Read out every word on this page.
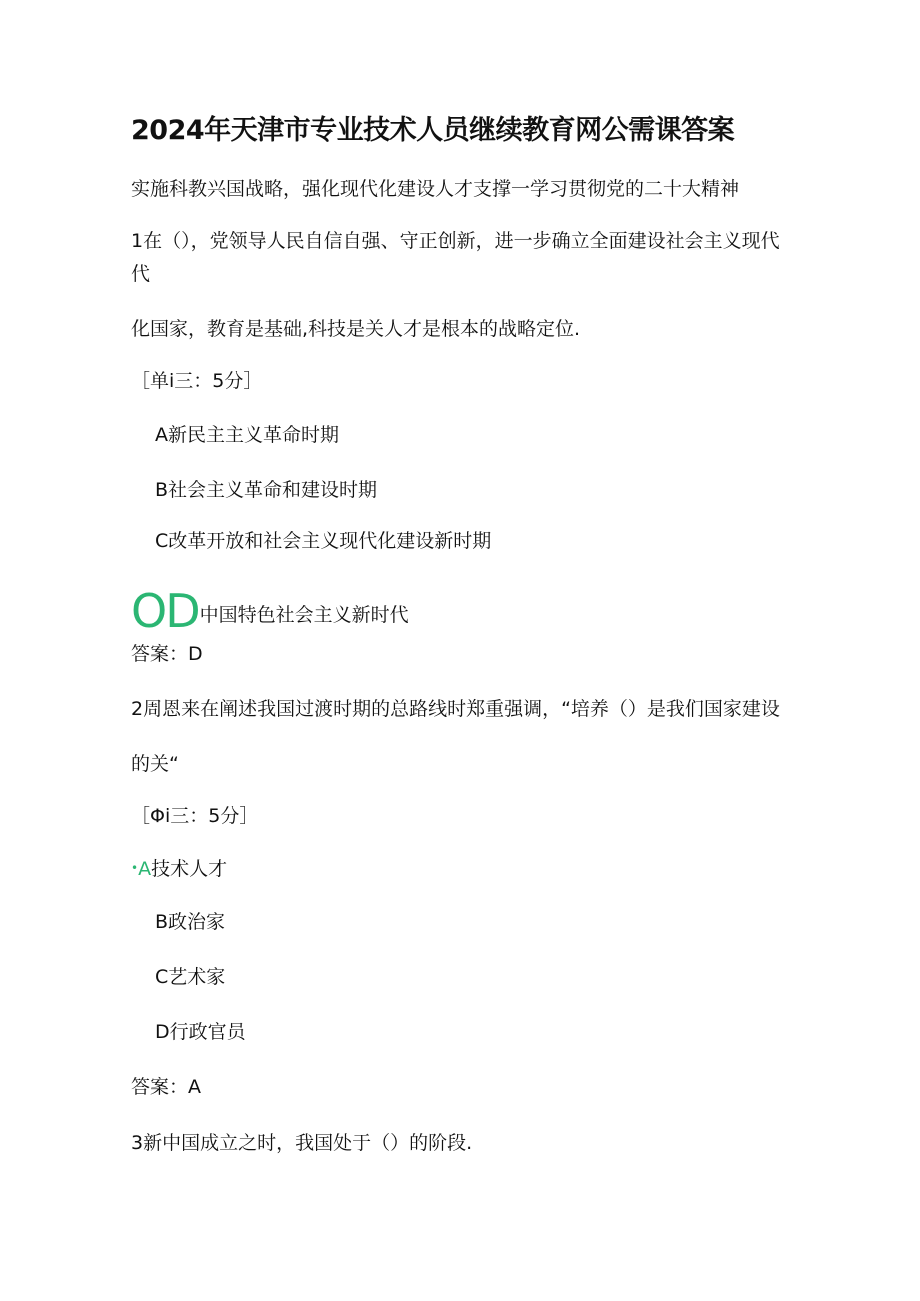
2024年天津市专业技术人员继续教育网公需课答案
实施科教兴国战略，强化现代化建设人才支撑一学习贯彻党的二十大精神
1在（），党领导人民自信自强、守正创新，进一步确立全面建设社会主义现代
代
化国家，教育是基础,科技是关人才是根本的战略定位.
［单i三：5分］
A新民主主义革命时期
B社会主义革命和建设时期
C改革开放和社会主义现代化建设新时期
OD中国特色社会主义新时代
答案：D
2周恩来在阐述我国过渡时期的总路线时郑重强调，“培养（）是我们国家建设
的关“
［Φi三：5分］
•A技术人才
B政治家
C艺术家
D行政官员
答案：A
3新中国成立之时，我国处于（）的阶段.
